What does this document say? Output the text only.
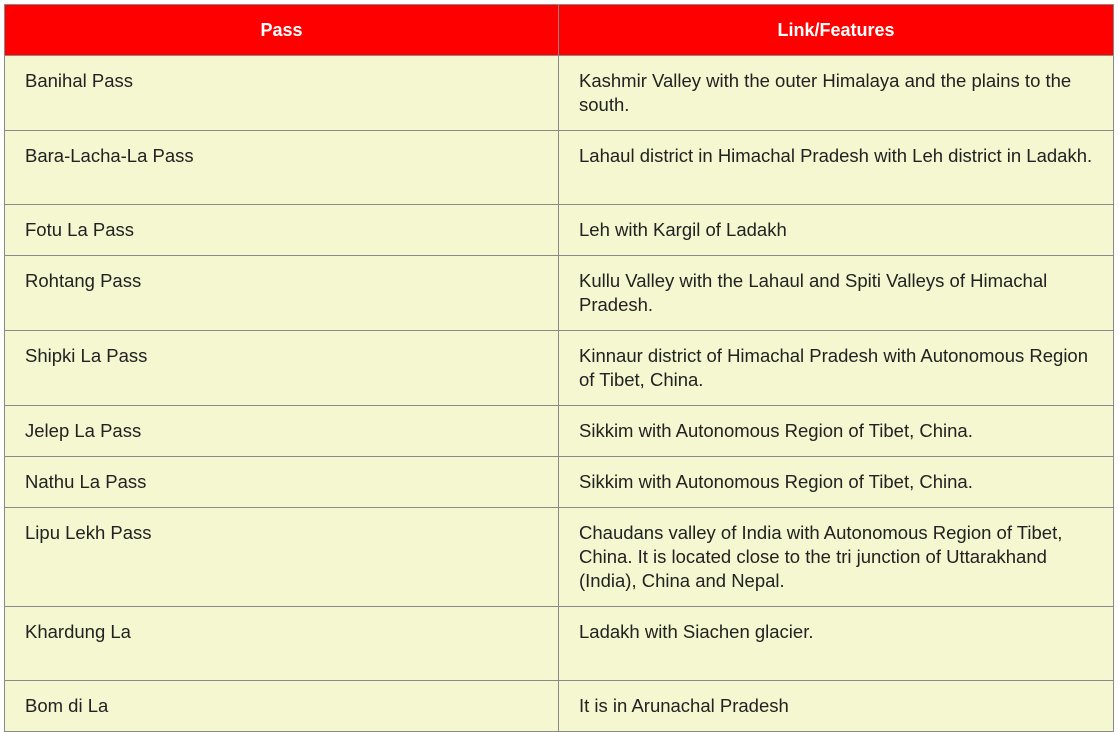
Pass	Link/Features
Banihal Pass	Kashmir Valley with the outer Himalaya and the plains to the south.
Bara-Lacha-La Pass	Lahaul district in Himachal Pradesh with Leh district in Ladakh.
Fotu La Pass	Leh with Kargil of Ladakh
Rohtang Pass	Kullu Valley with the Lahaul and Spiti Valleys of Himachal Pradesh.
Shipki La Pass	Kinnaur district of Himachal Pradesh with Autonomous Region of Tibet, China.
Jelep La Pass	Sikkim with Autonomous Region of Tibet, China.
Nathu La Pass	Sikkim with Autonomous Region of Tibet, China.
Lipu Lekh Pass	Chaudans valley of India with Autonomous Region of Tibet, China. It is located close to the tri junction of Uttarakhand (India), China and Nepal.
Khardung La	Ladakh with Siachen glacier.
Bom di La	It is in Arunachal Pradesh
